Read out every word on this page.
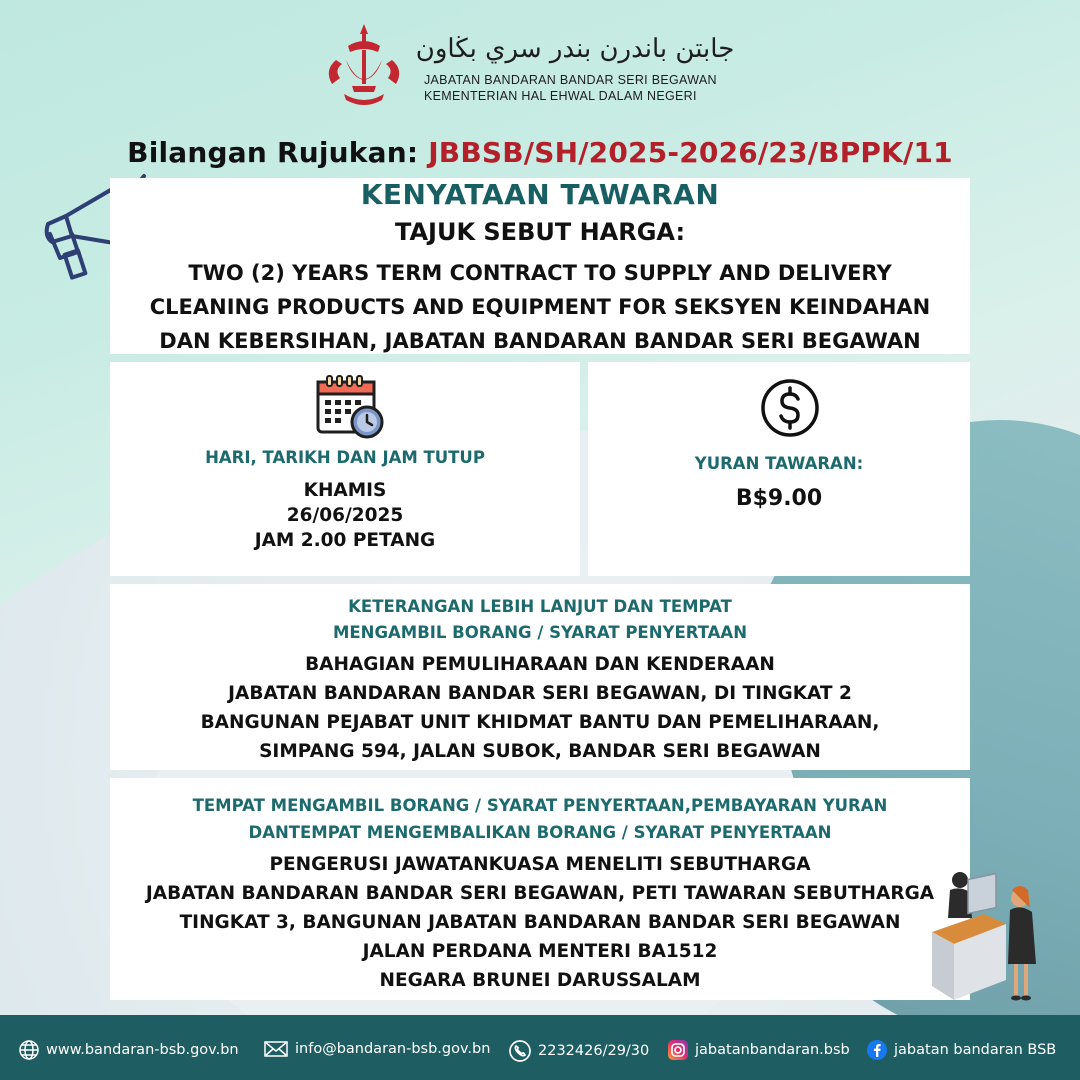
جابتن باندرن بندر سري بڬاون
JABATAN BANDARAN BANDAR SERI BEGAWAN
KEMENTERIAN HAL EHWAL DALAM NEGERI
Bilangan Rujukan: JBBSB/SH/2025-2026/23/BPPK/11
KENYATAAN TAWARAN
TAJUK SEBUT HARGA:
TWO (2) YEARS TERM CONTRACT TO SUPPLY AND DELIVERY
CLEANING PRODUCTS AND EQUIPMENT FOR SEKSYEN KEINDAHAN
DAN KEBERSIHAN, JABATAN BANDARAN BANDAR SERI BEGAWAN
HARI, TARIKH DAN JAM TUTUP
KHAMIS
26/06/2025
JAM 2.00 PETANG
YURAN TAWARAN:
B$9.00
KETERANGAN LEBIH LANJUT DAN TEMPAT
MENGAMBIL BORANG / SYARAT PENYERTAAN
BAHAGIAN PEMULIHARAAN DAN KENDERAAN
JABATAN BANDARAN BANDAR SERI BEGAWAN, DI TINGKAT 2
BANGUNAN PEJABAT UNIT KHIDMAT BANTU DAN PEMELIHARAAN,
SIMPANG 594, JALAN SUBOK, BANDAR SERI BEGAWAN
TEMPAT MENGAMBIL BORANG / SYARAT PENYERTAAN,PEMBAYARAN YURAN
DANTEMPAT MENGEMBALIKAN BORANG / SYARAT PENYERTAAN
PENGERUSI JAWATANKUASA MENELITI SEBUTHARGA
JABATAN BANDARAN BANDAR SERI BEGAWAN, PETI TAWARAN SEBUTHARGA
TINGKAT 3, BANGUNAN JABATAN BANDARAN BANDAR SERI BEGAWAN
JALAN PERDANA MENTERI BA1512
NEGARA BRUNEI DARUSSALAM
www.bandaran-bsb.gov.bn	info@bandaran-bsb.gov.bn	2232426/29/30	jabatanbandaran.bsb	jabatan bandaran BSB
